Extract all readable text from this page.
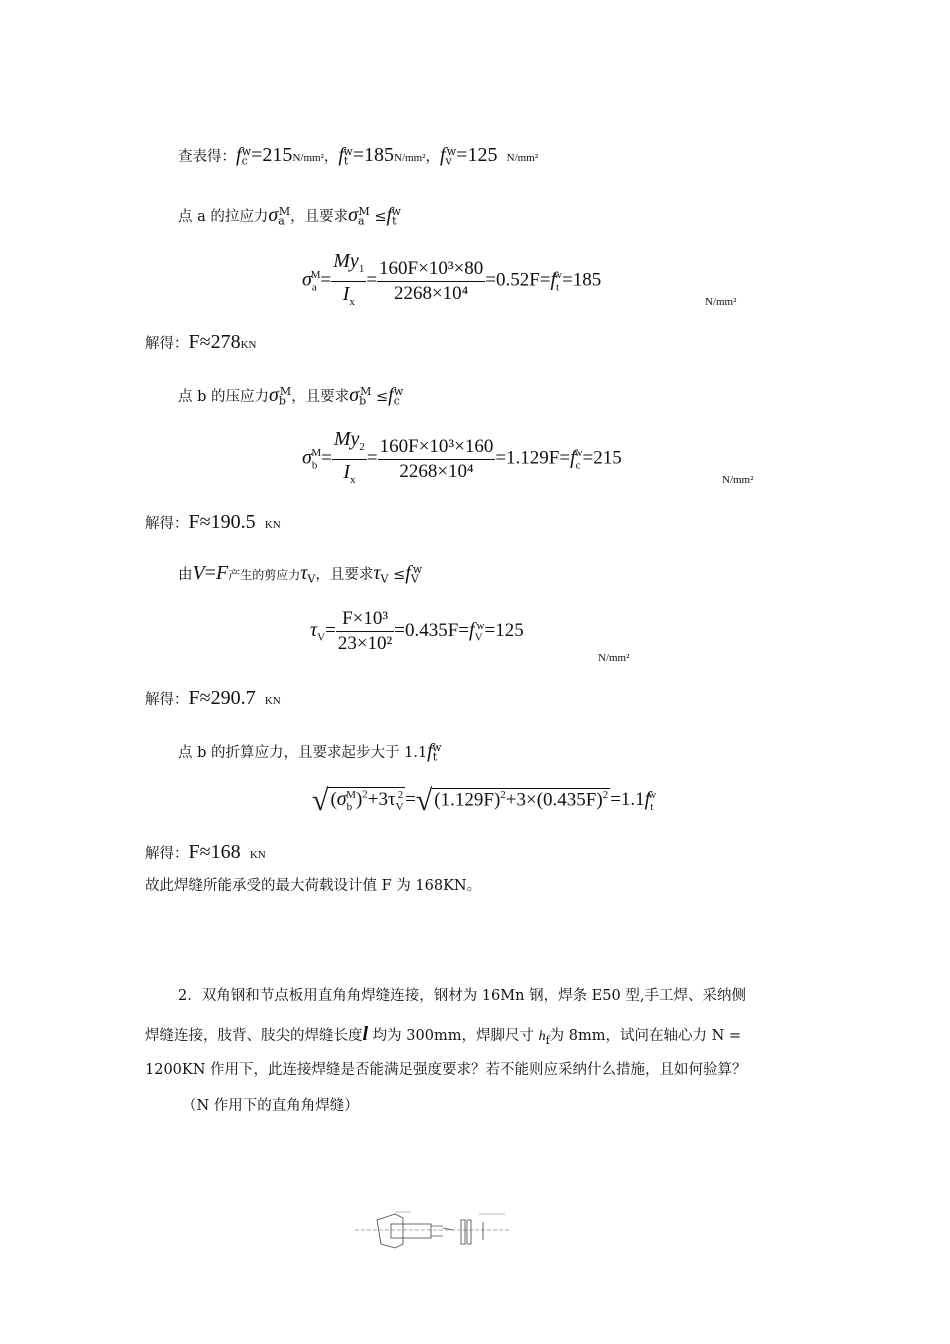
查表得：$f_c^w=215N$/mm²，$f_t^w=185N$/mm²，$f_v^w=125$ N/mm²
点 a 的拉应力$\sigma_a^M$，且要求$\sigma_a^M \le f_t^w$
$\sigma_a^M= \frac{My_1}{I_x} = \frac{\text{160F×10³×80}}{\text{2268×10⁴}} =0.52F=f_t^w=185$
N/mm²
解得：F≈278KN
点 b 的压应力$\sigma_b^M$，且要求$\sigma_b^M \le f_c^w$
$\sigma_b^M= \frac{My_2}{I_x} = \frac{\text{160F×10³×160}}{\text{2268×10⁴}} =1.129F=f_c^w=215$
N/mm²
解得：F≈190.5 KN
由V=F产生的剪应力$\tau_V$，且要求$\tau_V \le f_V^w$
$\tau_V= \frac{\text{F×10³}}{\text{23×10²}} =0.435F=f_V^w=125$
N/mm²
解得：F≈290.7 KN
点 b 的折算应力，且要求起步大于 $1.1f_t^w$
√ $(\sigma_b^M)^2+3\tau_V^2$ =√ $(1.129F)^2+3\times(0.435F)^2 =1.1f_t^w$
解得：F≈168 KN
故此焊缝所能承受的最大荷载设计值 F 为 168KN。
2．双角钢和节点板用直角角焊缝连接，钢材为 16Mn 钢，焊条 E50 型,手工焊、采纳侧
焊缝连接，肢背、肢尖的焊缝长度l 均为 300mm，焊脚尺寸 $h_f$为 8mm，试问在轴心力 N =
1200KN 作用下，此连接焊缝是否能满足强度要求？若不能则应采纳什么措施，且如何验算？
（N 作用下的直角角焊缝）
